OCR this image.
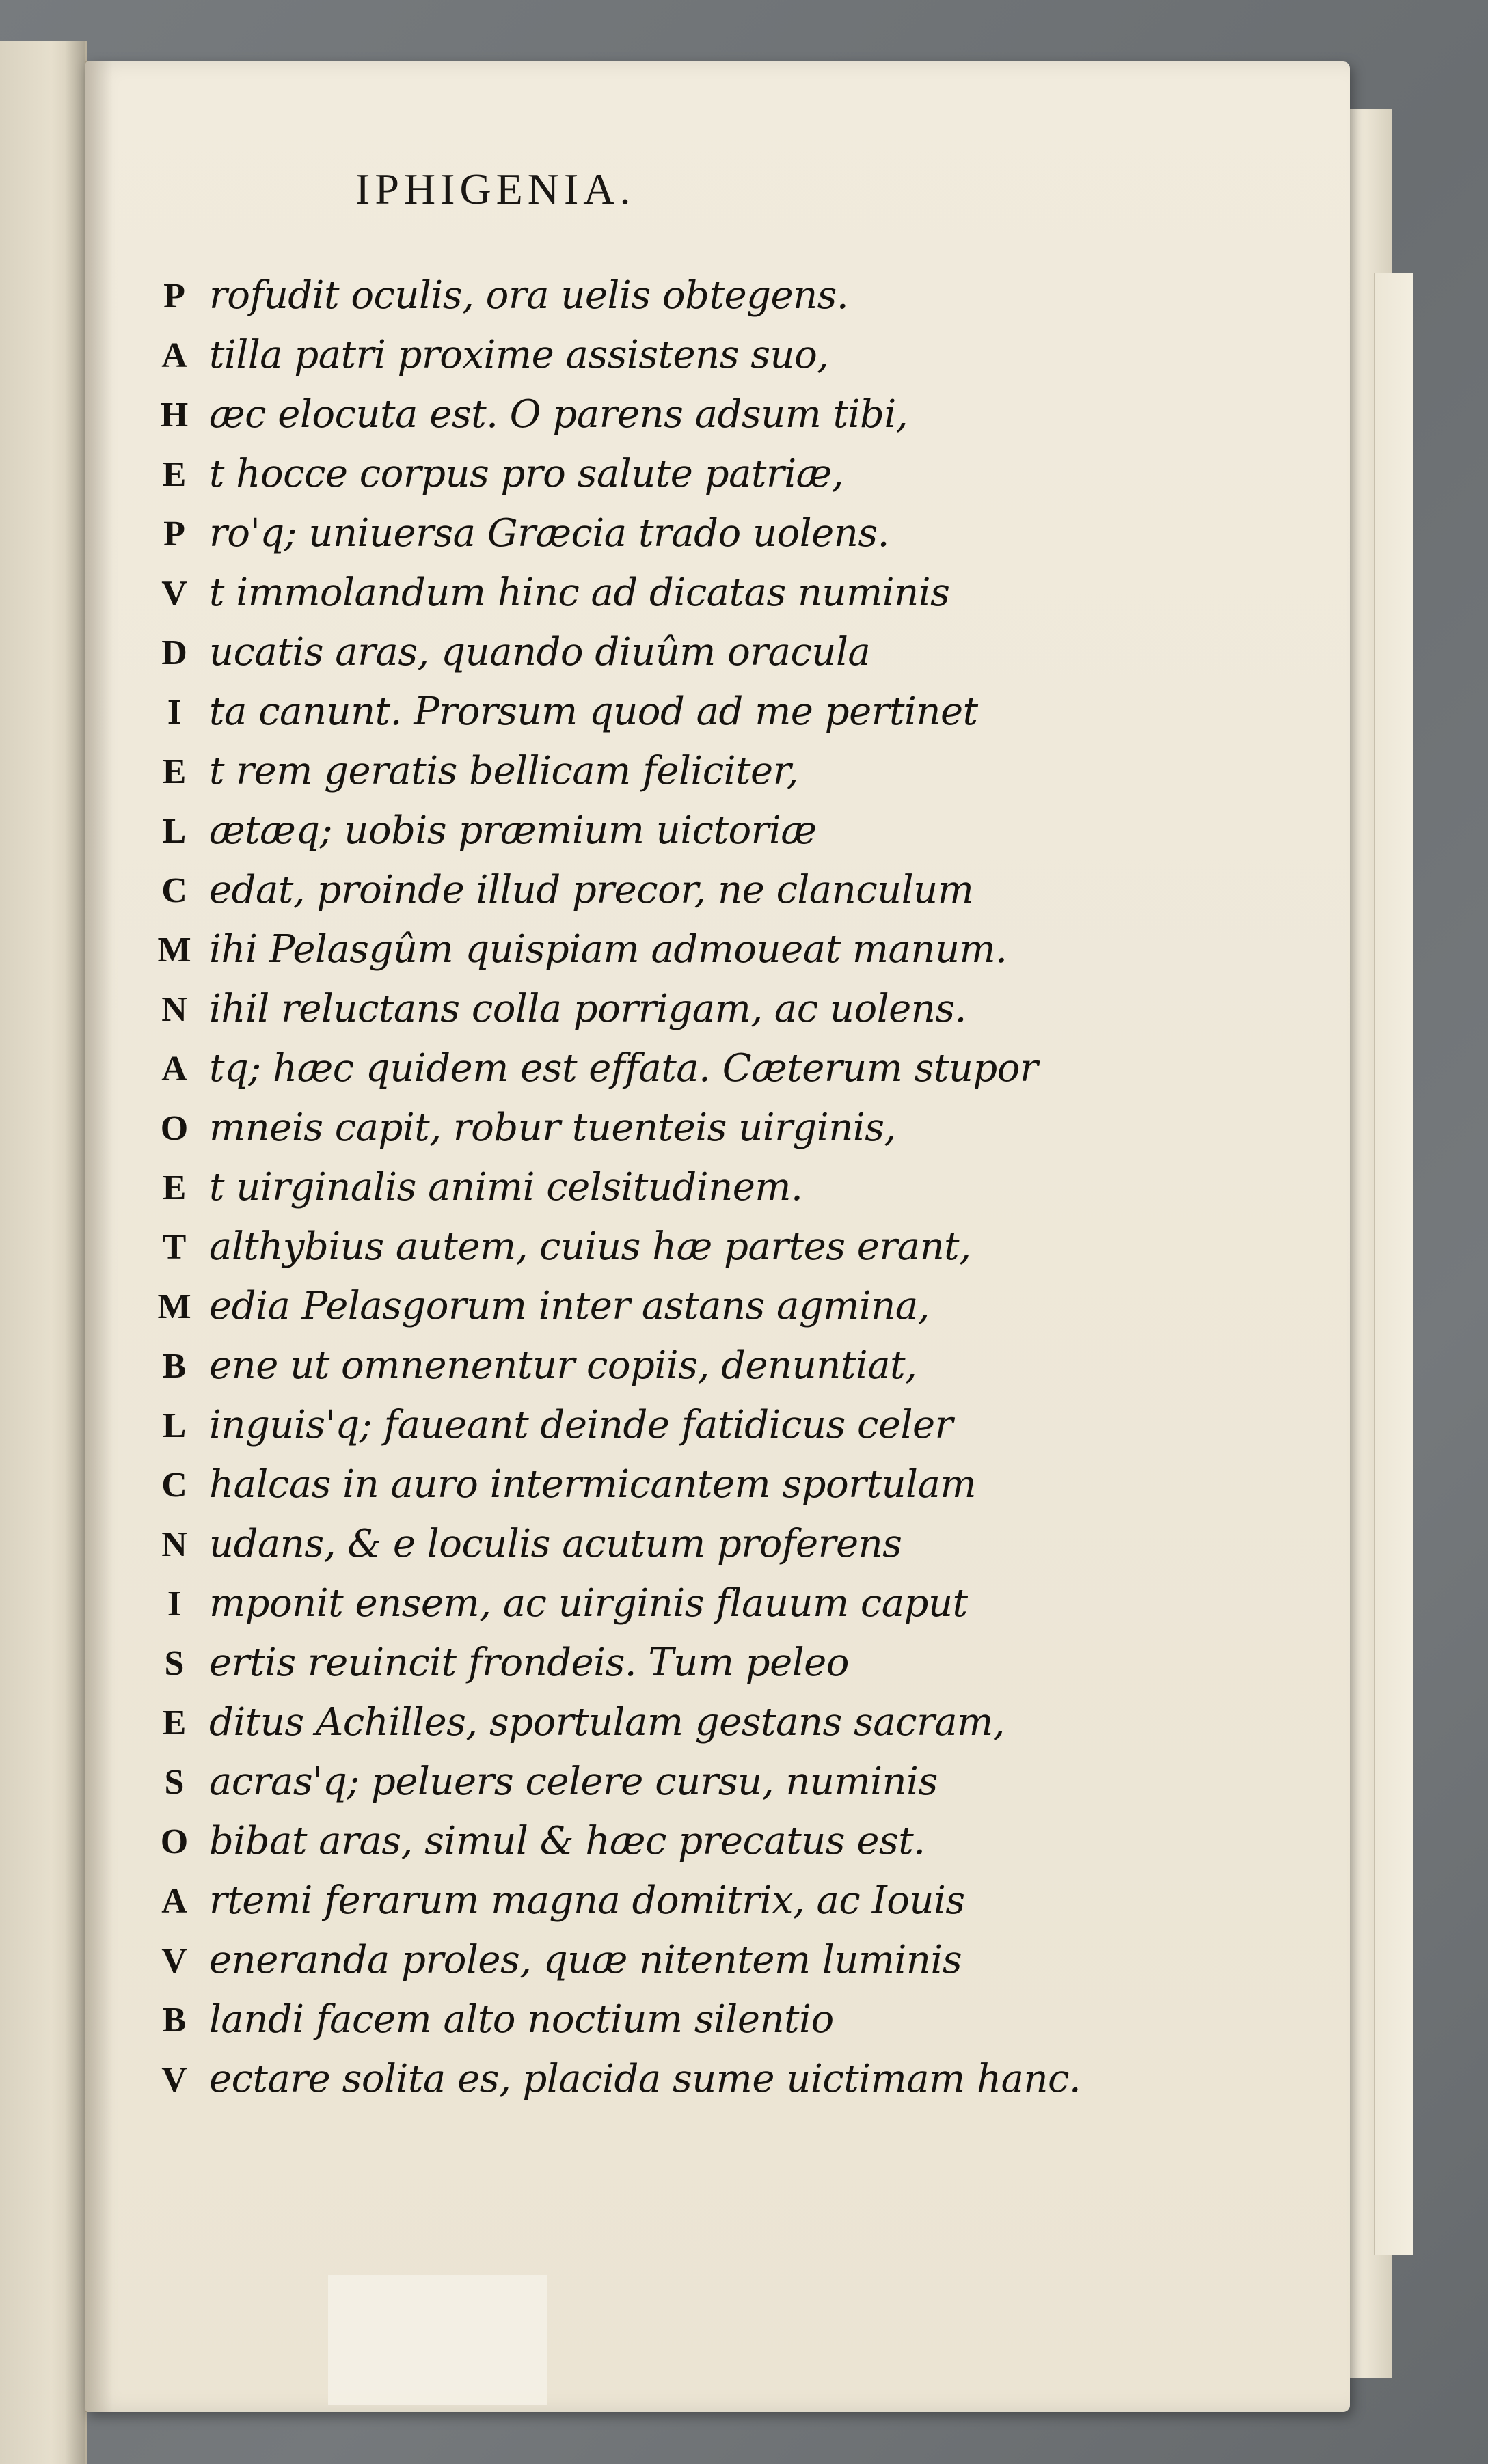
IPHIGENIA.
P rofudit oculis, ora uelis obtegens.
A tilla patri proxime assistens suo,
H æc elocuta est. O parens adsum tibi,
E t hocce corpus pro salute patriæ,
P ro'q; uniuersa Græcia trado uolens.
V t immolandum hinc ad dicatas numinis
D ucatis aras, quando diuûm oracula
I ta canunt. Prorsum quod ad me pertinet
E t rem geratis bellicam feliciter,
L ætæq; uobis præmium uictoriæ
C edat, proinde illud precor, ne clanculum
M ihi Pelasgûm quispiam admoueat manum.
N ihil reluctans colla porrigam, ac uolens.
A tq; hæc quidem est effata. Cæterum stupor
O mneis capit, robur tuenteis uirginis,
E t uirginalis animi celsitudinem.
T althybius autem, cuius hæ partes erant,
M edia Pelasgorum inter astans agmina,
B ene ut omnenentur copiis, denuntiat,
L inguis'q; faueant deinde fatidicus celer
C halcas in auro intermicantem sportulam
N udans, & e loculis acutum proferens
I mponit ensem, ac uirginis flauum caput
S ertis reuincit frondeis. Tum peleo
E ditus Achilles, sportulam gestans sacram,
S acras'q; peluers celere cursu, numinis
O bibat aras, simul & hæc precatus est.
A rtemi ferarum magna domitrix, ac Iouis
V eneranda proles, quæ nitentem luminis
B landi facem alto noctium silentio
V ectare solita es, placida sume uictimam hanc.
